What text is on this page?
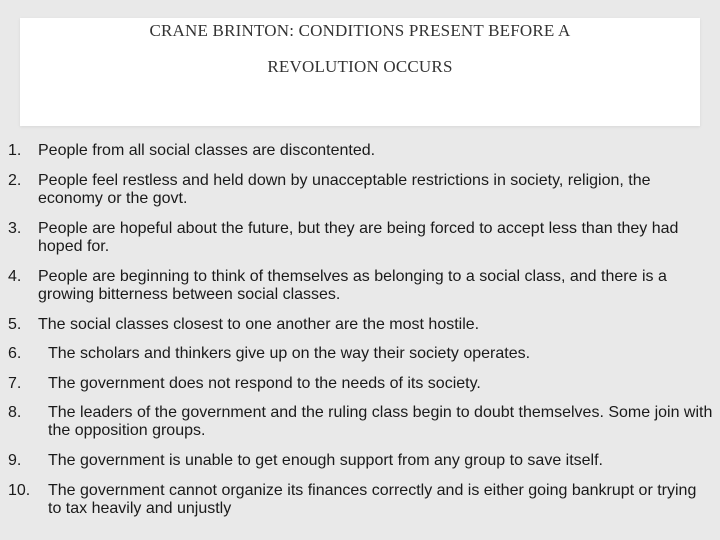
CRANE BRINTON: CONDITIONS PRESENT BEFORE A
REVOLUTION OCCURS
1. People from all social classes are discontented.
2. People feel restless and held down by unacceptable restrictions in society, religion, the economy or the govt.
3. People are hopeful about the future, but they are being forced to accept less than they had hoped for.
4. People are beginning to think of themselves as belonging to a social class, and there is a growing bitterness between social classes.
5. The social classes closest to one another are the most hostile.
6. The scholars and thinkers give up on the way their society operates.
7. The government does not respond to the needs of its society.
8. The leaders of the government and the ruling class begin to doubt themselves. Some join with the opposition groups.
9. The government is unable to get enough support from any group to save itself.
10. The government cannot organize its finances correctly and is either going bankrupt or trying to tax heavily and unjustly
